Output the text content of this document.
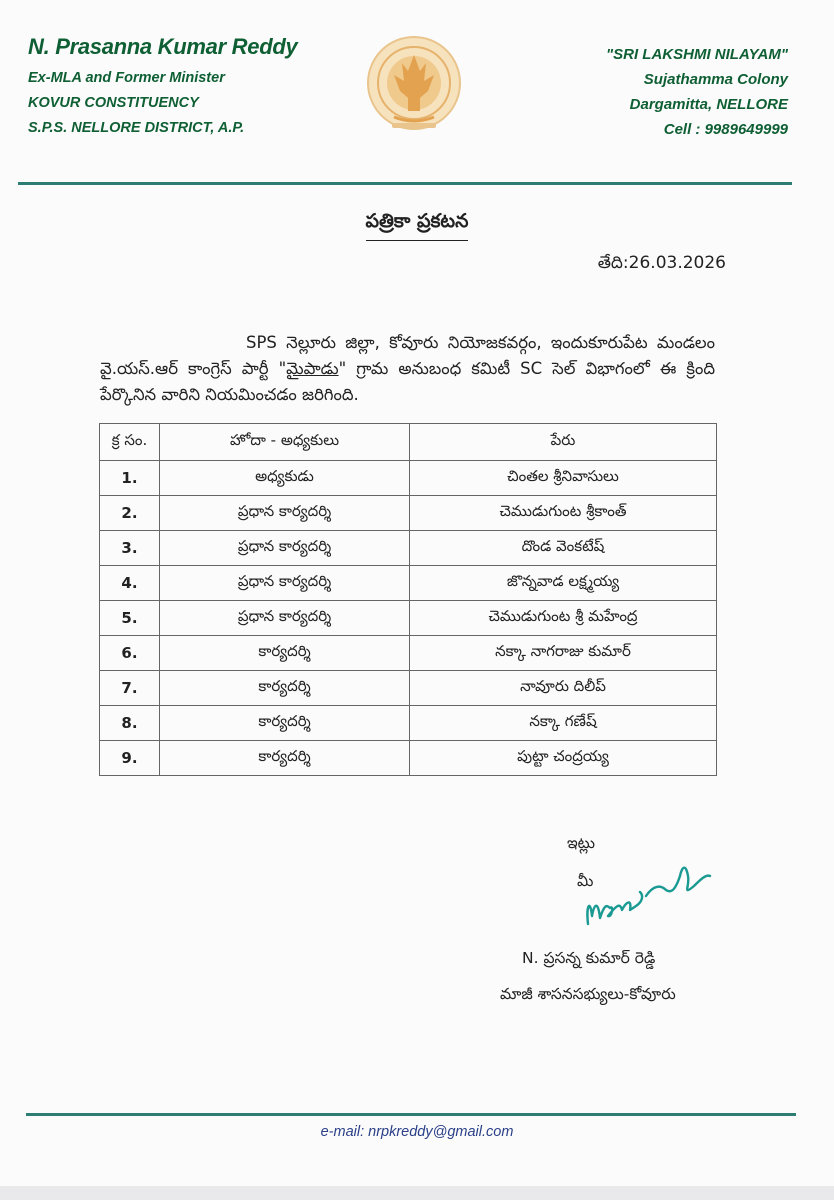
N. Prasanna Kumar Reddy
Ex-MLA and Former Minister
KOVUR CONSTITUENCY
S.P.S. NELLORE DISTRICT, A.P.
"SRI LAKSHMI NILAYAM"
Sujathamma Colony
Dargamitta, NELLORE
Cell : 9989649999
పత్రికా ప్రకటన
తేది:26.03.2026
SPS నెల్లూరు జిల్లా, కోవూరు నియోజకవర్గం, ఇందుకూరుపేట మండలం వై.యస్.ఆర్ కాంగ్రెస్ పార్టీ "మైపాడు" గ్రామ అనుబంధ కమిటీ SC సెల్ విభాగంలో ఈ క్రింది పేర్కొనిన వారిని నియమించడం జరిగింది.
క్ర సం.	హోదా - అధ్యకులు	పేరు
1.	అధ్యకుడు	చింతల శ్రీనివాసులు
2.	ప్రధాన కార్యదర్శి	చెముడుగుంట శ్రీకాంత్
3.	ప్రధాన కార్యదర్శి	దొండ వెంకటేష్
4.	ప్రధాన కార్యదర్శి	జొన్నవాడ లక్ష్మయ్య
5.	ప్రధాన కార్యదర్శి	చెముడుగుంట శ్రీ మహేంద్ర
6.	కార్యదర్శి	నక్కా నాగరాజు కుమార్
7.	కార్యదర్శి	నావూరు దిలీప్
8.	కార్యదర్శి	నక్కా గణేష్
9.	కార్యదర్శి	పుట్టా చంద్రయ్య
ఇట్లు
మీ
N. ప్రసన్న కుమార్ రెడ్డి
మాజీ శాసనసభ్యులు-కోవూరు
e-mail: nrpkreddy@gmail.com
